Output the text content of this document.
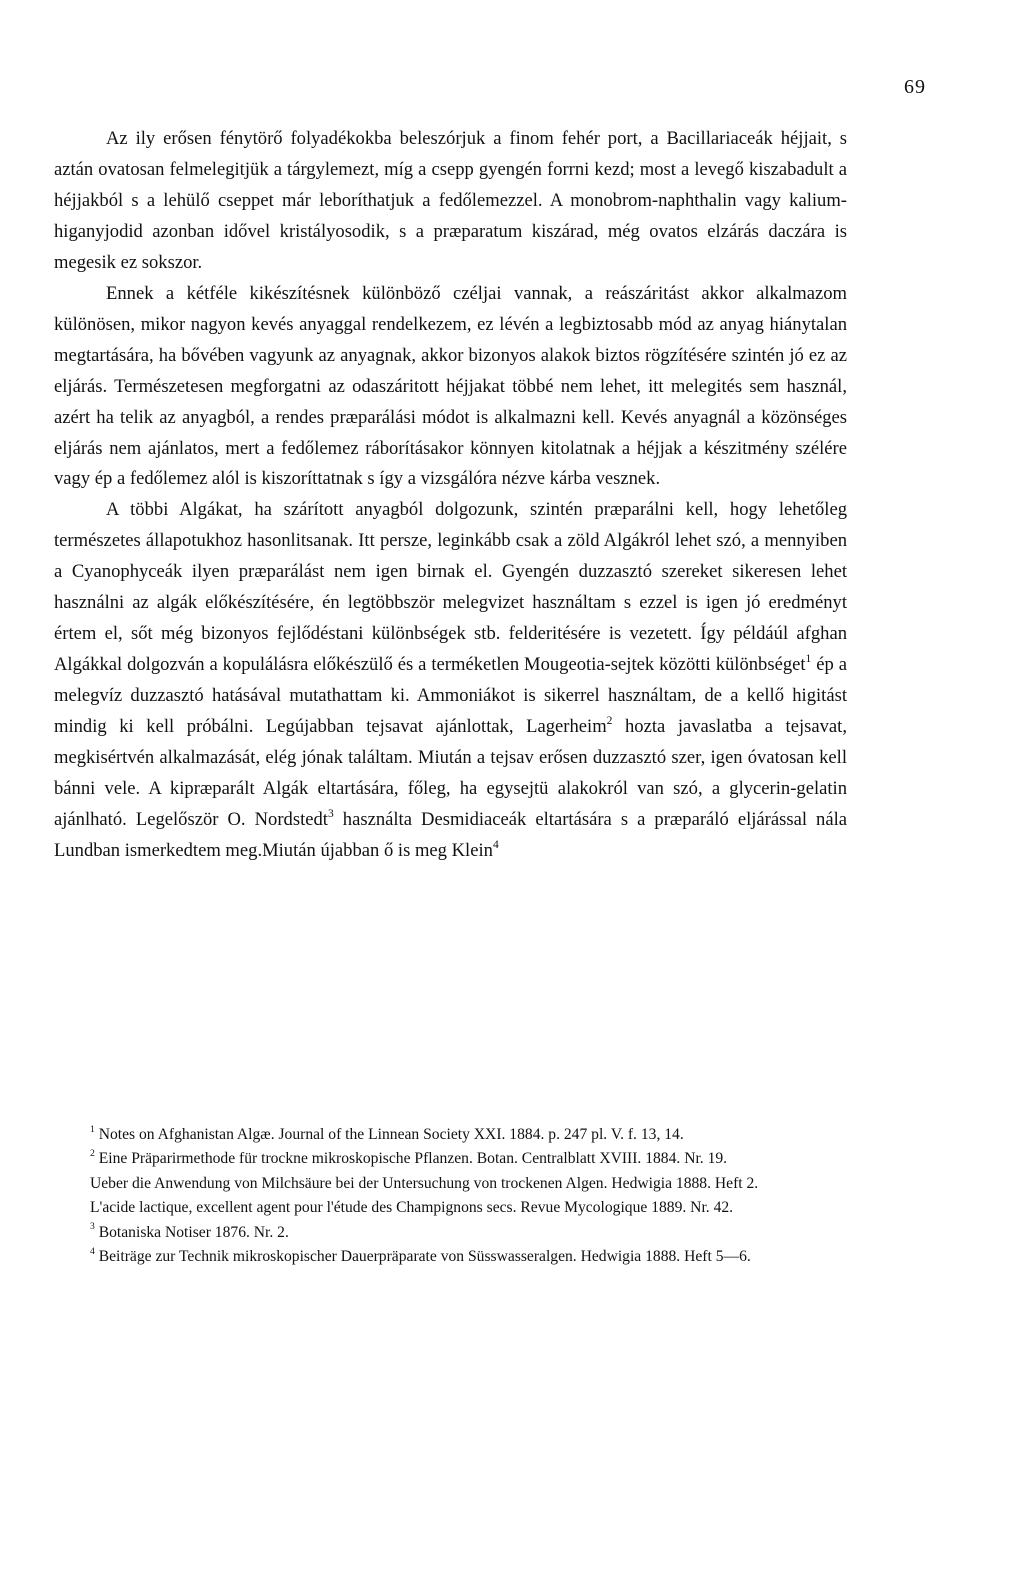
69

Az ily erősen fénytörő folyadékokba beleszórjuk a finom fehér port, a Bacillariaceák héjjait, s aztán ovatosan felmelegitjük a tárgylemezt, míg a csepp gyengén forrni kezd; most a levegő kiszabadult a héjjakból s a lehülő cseppet már leboríthatjuk a fedőlemezzel. A monobrom-naphthalin vagy kalium-higanyjodid azonban idővel kristályosodik, s a præparatum kiszárad, még ovatos elzárás daczára is megesik ez sokszor.

Ennek a kétféle kikészítésnek különböző czéljai vannak, a reászáritást akkor alkalmazom különösen, mikor nagyon kevés anyaggal rendelkezem, ez lévén a legbiztosabb mód az anyag hiánytalan megtartására, ha bővében vagyunk az anyagnak, akkor bizonyos alakok biztos rögzítésére szintén jó ez az eljárás. Természetesen megforgatni az odaszáritott héjjakat többé nem lehet, itt melegités sem használ, azért ha telik az anyagból, a rendes præparálási módot is alkalmazni kell. Kevés anyagnál a közönséges eljárás nem ajánlatos, mert a fedőlemez ráborításakor könnyen kitolatnak a héjjak a készitmény szélére vagy ép a fedőlemez alól is kiszoríttatnak s így a vizsgálóra nézve kárba vesznek.

A többi Algákat, ha szárított anyagból dolgozunk, szintén præparálni kell, hogy lehetőleg természetes állapotukhoz hasonlitsanak. Itt persze, leginkább csak a zöld Algákról lehet szó, a mennyiben a Cyanophyceák ilyen præparálást nem igen birnak el. Gyengén duzzasztó szereket sikeresen lehet használni az algák előkészítésére, én legtöbbször melegvizet használtam s ezzel is igen jó eredményt értem el, sőt még bizonyos fejlődéstani különbségek stb. felderitésére is vezetett. Így példáúl afghan Algákkal dolgozván a kopulálásra előkészülő és a terméketlen Mougeotia-sejtek közötti különbséget$^1$ ép a melegvíz duzzasztó hatásával mutathattam ki. Ammoniákot is sikerrel használtam, de a kellő higitást mindig ki kell próbálni. Legújabban tejsavat ajánlottak, Lagerheim$^2$ hozta javaslatba a tejsavat, megkisértvén alkalmazását, elég jónak találtam. Miután a tejsav erősen duzzasztó szer, igen óvatosan kell bánni vele. A kipræparált Algák eltartására, főleg, ha egysejtü alakokról van szó, a glycerin-gelatin ajánlható. Legelőször O. Nordstedt$^3$ használta Desmidiaceák eltartására s a præparáló eljárással nála Lundban ismerkedtem meg.Miután újabban ő is meg Klein$^4$

$^1$ Notes on Afghanistan Algæ. Journal of the Linnean Society XXI. 1884. p. 247 pl. V. f. 13, 14.

$^2$ Eine Präparirmethode für trockne mikroskopische Pflanzen. Botan. Centralblatt XVIII. 1884. Nr. 19.

Ueber die Anwendung von Milchsäure bei der Untersuchung von trockenen Algen. Hedwigia 1888. Heft 2.

L'acide lactique, excellent agent pour l'étude des Champignons secs. Revue Mycologique 1889. Nr. 42.

$^3$ Botaniska Notiser 1876. Nr. 2.

$^4$ Beiträge zur Technik mikroskopischer Dauerpräparate von Süsswasseralgen. Hedwigia 1888. Heft 5—6.
